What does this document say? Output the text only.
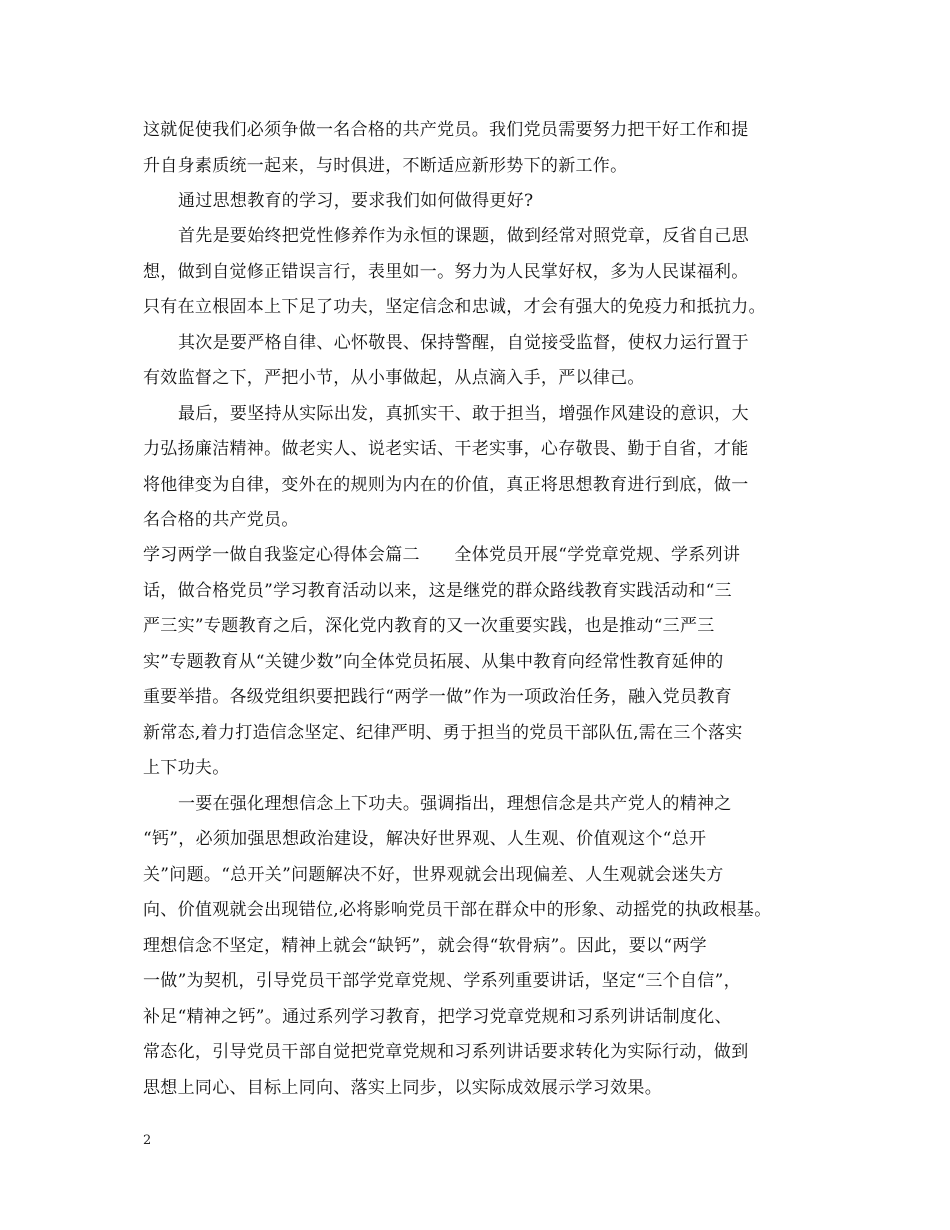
这就促使我们必须争做一名合格的共产党员。我们党员需要努力把干好工作和提
升自身素质统一起来，与时俱进，不断适应新形势下的新工作。
通过思想教育的学习，要求我们如何做得更好?
首先是要始终把党性修养作为永恒的课题，做到经常对照党章，反省自己思
想，做到自觉修正错误言行，表里如一。努力为人民掌好权，多为人民谋福利。
只有在立根固本上下足了功夫，坚定信念和忠诚，才会有强大的免疫力和抵抗力。
其次是要严格自律、心怀敬畏、保持警醒，自觉接受监督，使权力运行置于
有效监督之下，严把小节，从小事做起，从点滴入手，严以律己。
最后，要坚持从实际出发，真抓实干、敢于担当，增强作风建设的意识，大
力弘扬廉洁精神。做老实人、说老实话、干老实事，心存敬畏、勤于自省，才能
将他律变为自律，变外在的规则为内在的价值，真正将思想教育进行到底，做一
名合格的共产党员。
学习两学一做自我鉴定心得体会篇二　　全体党员开展“学党章党规、学系列讲
话，做合格党员”学习教育活动以来，这是继党的群众路线教育实践活动和“三
严三实”专题教育之后，深化党内教育的又一次重要实践，也是推动“三严三
实”专题教育从“关键少数”向全体党员拓展、从集中教育向经常性教育延伸的
重要举措。各级党组织要把践行“两学一做”作为一项政治任务，融入党员教育
新常态,着力打造信念坚定、纪律严明、勇于担当的党员干部队伍,需在三个落实
上下功夫。
一要在强化理想信念上下功夫。强调指出，理想信念是共产党人的精神之
“钙”，必须加强思想政治建设，解决好世界观、人生观、价值观这个“总开
关”问题。“总开关”问题解决不好，世界观就会出现偏差、人生观就会迷失方
向、价值观就会出现错位,必将影响党员干部在群众中的形象、动摇党的执政根基。
理想信念不坚定，精神上就会“缺钙”，就会得“软骨病”。因此，要以“两学
一做”为契机，引导党员干部学党章党规、学系列重要讲话，坚定“三个自信”，
补足“精神之钙”。通过系列学习教育，把学习党章党规和习系列讲话制度化、
常态化，引导党员干部自觉把党章党规和习系列讲话要求转化为实际行动，做到
思想上同心、目标上同向、落实上同步，以实际成效展示学习效果。
2
